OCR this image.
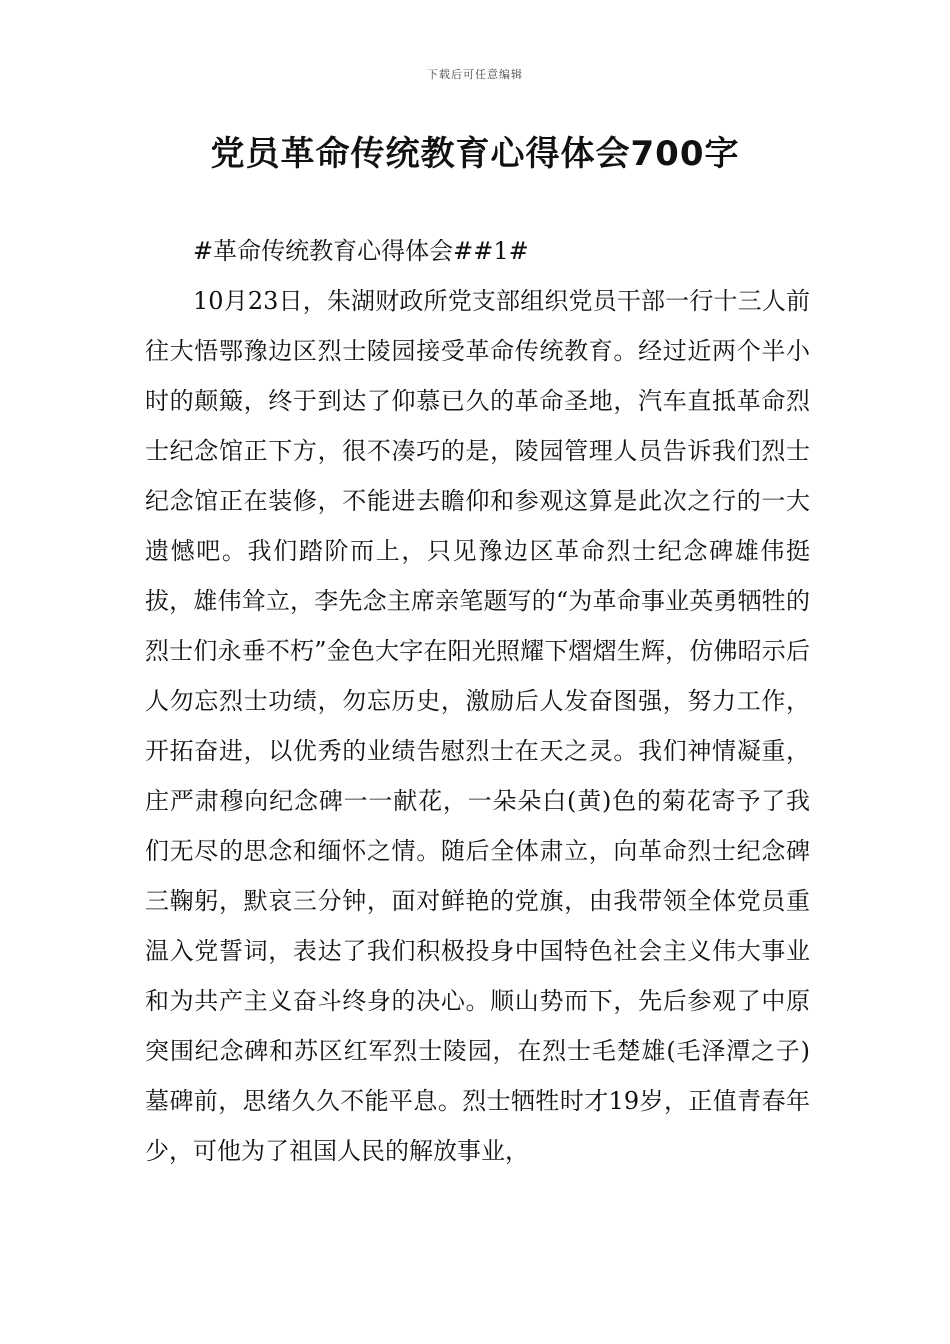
下载后可任意编辑
党员革命传统教育心得体会700字

#革命传统教育心得体会##1#

10月23日，朱湖财政所党支部组织党员干部一行十三人前往大悟鄂豫边区烈士陵园接受革命传统教育。经过近两个半小时的颠簸，终于到达了仰慕已久的革命圣地，汽车直抵革命烈士纪念馆正下方，很不凑巧的是，陵园管理人员告诉我们烈士纪念馆正在装修，不能进去瞻仰和参观这算是此次之行的一大遗憾吧。我们踏阶而上，只见豫边区革命烈士纪念碑雄伟挺拔，雄伟耸立，李先念主席亲笔题写的“为革命事业英勇牺牲的烈士们永垂不朽”金色大字在阳光照耀下熠熠生辉，仿佛昭示后人勿忘烈士功绩，勿忘历史，激励后人发奋图强，努力工作，开拓奋进，以优秀的业绩告慰烈士在天之灵。我们神情凝重，庄严肃穆向纪念碑一一献花，一朵朵白(黄)色的菊花寄予了我们无尽的思念和缅怀之情。随后全体肃立，向革命烈士纪念碑三鞠躬，默哀三分钟，面对鲜艳的党旗，由我带领全体党员重温入党誓词，表达了我们积极投身中国特色社会主义伟大事业和为共产主义奋斗终身的决心。顺山势而下，先后参观了中原突围纪念碑和苏区红军烈士陵园，在烈士毛楚雄(毛泽潭之子)墓碑前，思绪久久不能平息。烈士牺牲时才19岁，正值青春年少，可他为了祖国人民的解放事业，
